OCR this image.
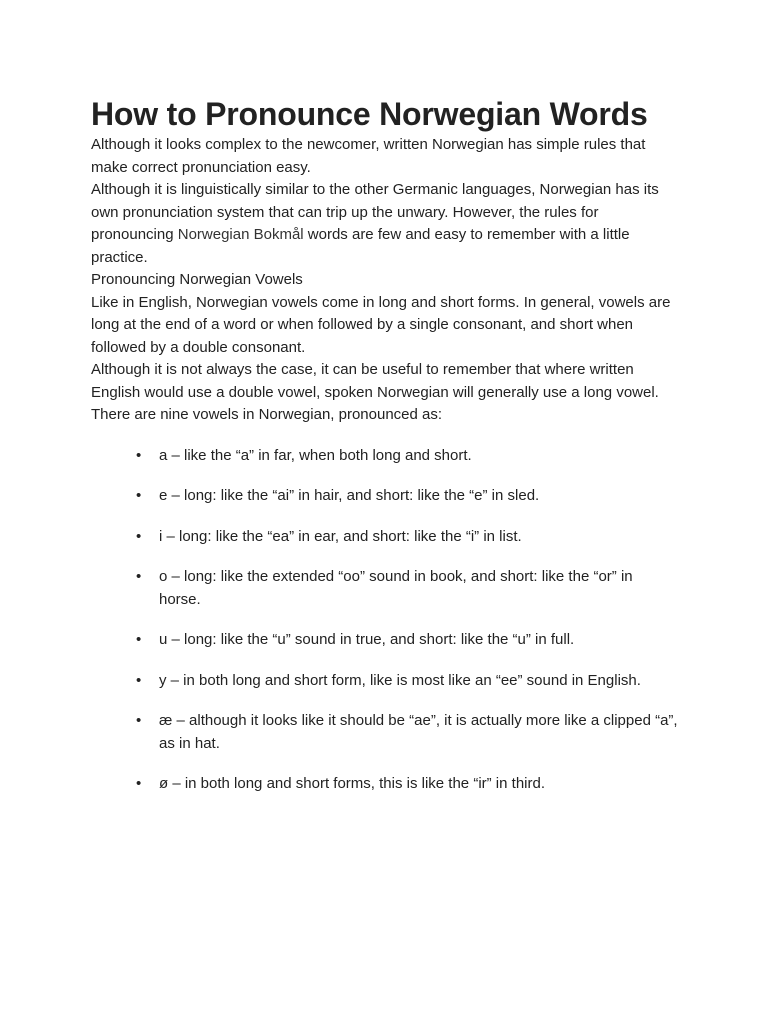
How to Pronounce Norwegian Words

Although it looks complex to the newcomer, written Norwegian has simple rules that make correct pronunciation easy.

Although it is linguistically similar to the other Germanic languages, Norwegian has its own pronunciation system that can trip up the unwary. However, the rules for pronouncing Norwegian Bokmål words are few and easy to remember with a little practice.

Pronouncing Norwegian Vowels

Like in English, Norwegian vowels come in long and short forms. In general, vowels are long at the end of a word or when followed by a single consonant, and short when followed by a double consonant.

Although it is not always the case, it can be useful to remember that where written English would use a double vowel, spoken Norwegian will generally use a long vowel.

There are nine vowels in Norwegian, pronounced as:

• a – like the “a” in far, when both long and short.
• e – long: like the “ai” in hair, and short: like the “e” in sled.
• i – long: like the “ea” in ear, and short: like the “i” in list.
• o – long: like the extended “oo” sound in book, and short: like the “or” in horse.
• u – long: like the “u” sound in true, and short: like the “u” in full.
• y – in both long and short form, like is most like an “ee” sound in English.
• æ – although it looks like it should be “ae”, it is actually more like a clipped “a”, as in hat.
• ø – in both long and short forms, this is like the “ir” in third.
